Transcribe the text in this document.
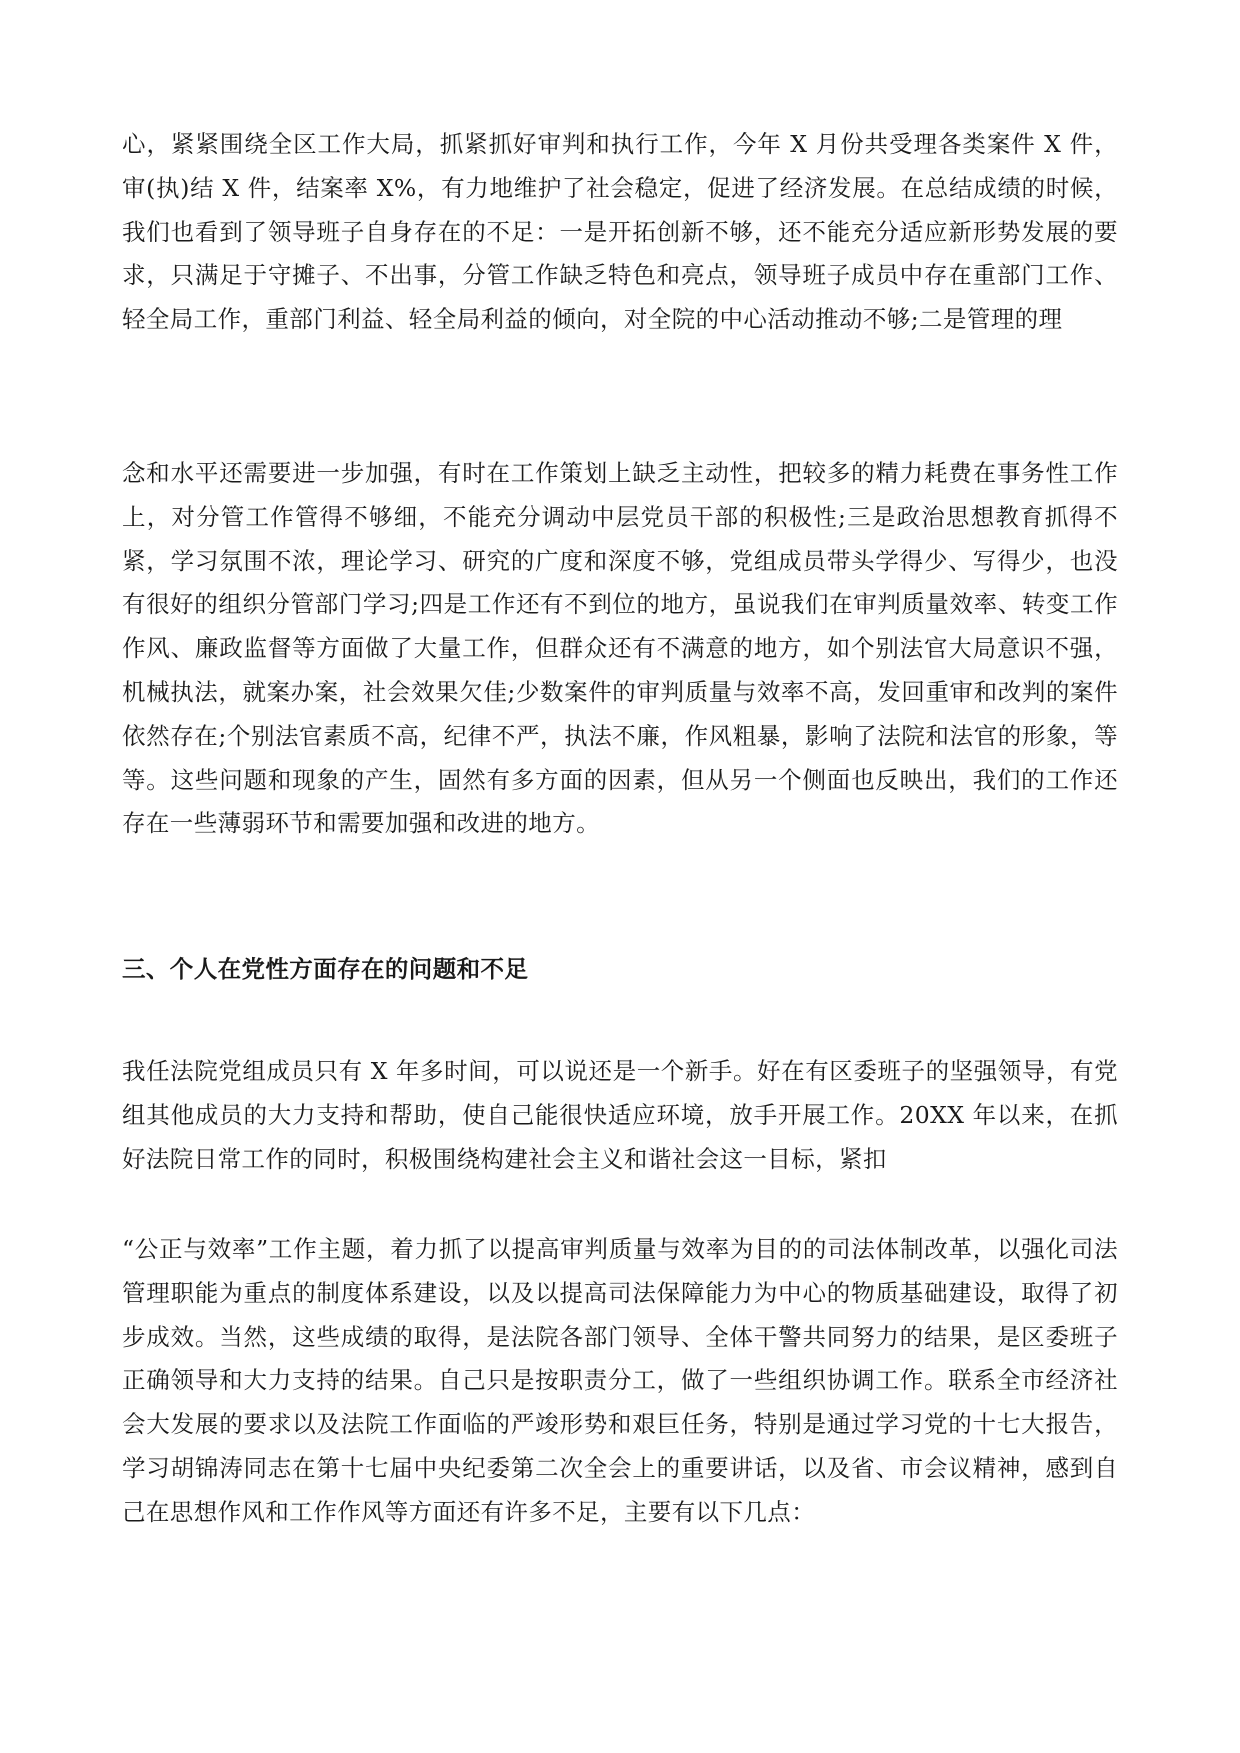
心，紧紧围绕全区工作大局，抓紧抓好审判和执行工作，今年 X 月份共受理各类案件 X 件，审(执)结 X 件，结案率 X%，有力地维护了社会稳定，促进了经济发展。在总结成绩的时候，我们也看到了领导班子自身存在的不足：一是开拓创新不够，还不能充分适应新形势发展的要求，只满足于守摊子、不出事，分管工作缺乏特色和亮点，领导班子成员中存在重部门工作、轻全局工作，重部门利益、轻全局利益的倾向，对全院的中心活动推动不够;二是管理的理

念和水平还需要进一步加强，有时在工作策划上缺乏主动性，把较多的精力耗费在事务性工作上，对分管工作管得不够细，不能充分调动中层党员干部的积极性;三是政治思想教育抓得不紧，学习氛围不浓，理论学习、研究的广度和深度不够，党组成员带头学得少、写得少，也没有很好的组织分管部门学习;四是工作还有不到位的地方，虽说我们在审判质量效率、转变工作作风、廉政监督等方面做了大量工作，但群众还有不满意的地方，如个别法官大局意识不强，机械执法，就案办案，社会效果欠佳;少数案件的审判质量与效率不高，发回重审和改判的案件依然存在;个别法官素质不高，纪律不严，执法不廉，作风粗暴，影响了法院和法官的形象，等等。这些问题和现象的产生，固然有多方面的因素，但从另一个侧面也反映出，我们的工作还存在一些薄弱环节和需要加强和改进的地方。

三、个人在党性方面存在的问题和不足

我任法院党组成员只有 X 年多时间，可以说还是一个新手。好在有区委班子的坚强领导，有党组其他成员的大力支持和帮助，使自己能很快适应环境，放手开展工作。20XX 年以来，在抓好法院日常工作的同时，积极围绕构建社会主义和谐社会这一目标，紧扣

“公正与效率”工作主题，着力抓了以提高审判质量与效率为目的的司法体制改革，以强化司法管理职能为重点的制度体系建设，以及以提高司法保障能力为中心的物质基础建设，取得了初步成效。当然，这些成绩的取得，是法院各部门领导、全体干警共同努力的结果，是区委班子正确领导和大力支持的结果。自己只是按职责分工，做了一些组织协调工作。联系全市经济社会大发展的要求以及法院工作面临的严竣形势和艰巨任务，特别是通过学习党的十七大报告，学习胡锦涛同志在第十七届中央纪委第二次全会上的重要讲话，以及省、市会议精神，感到自己在思想作风和工作作风等方面还有许多不足，主要有以下几点：
